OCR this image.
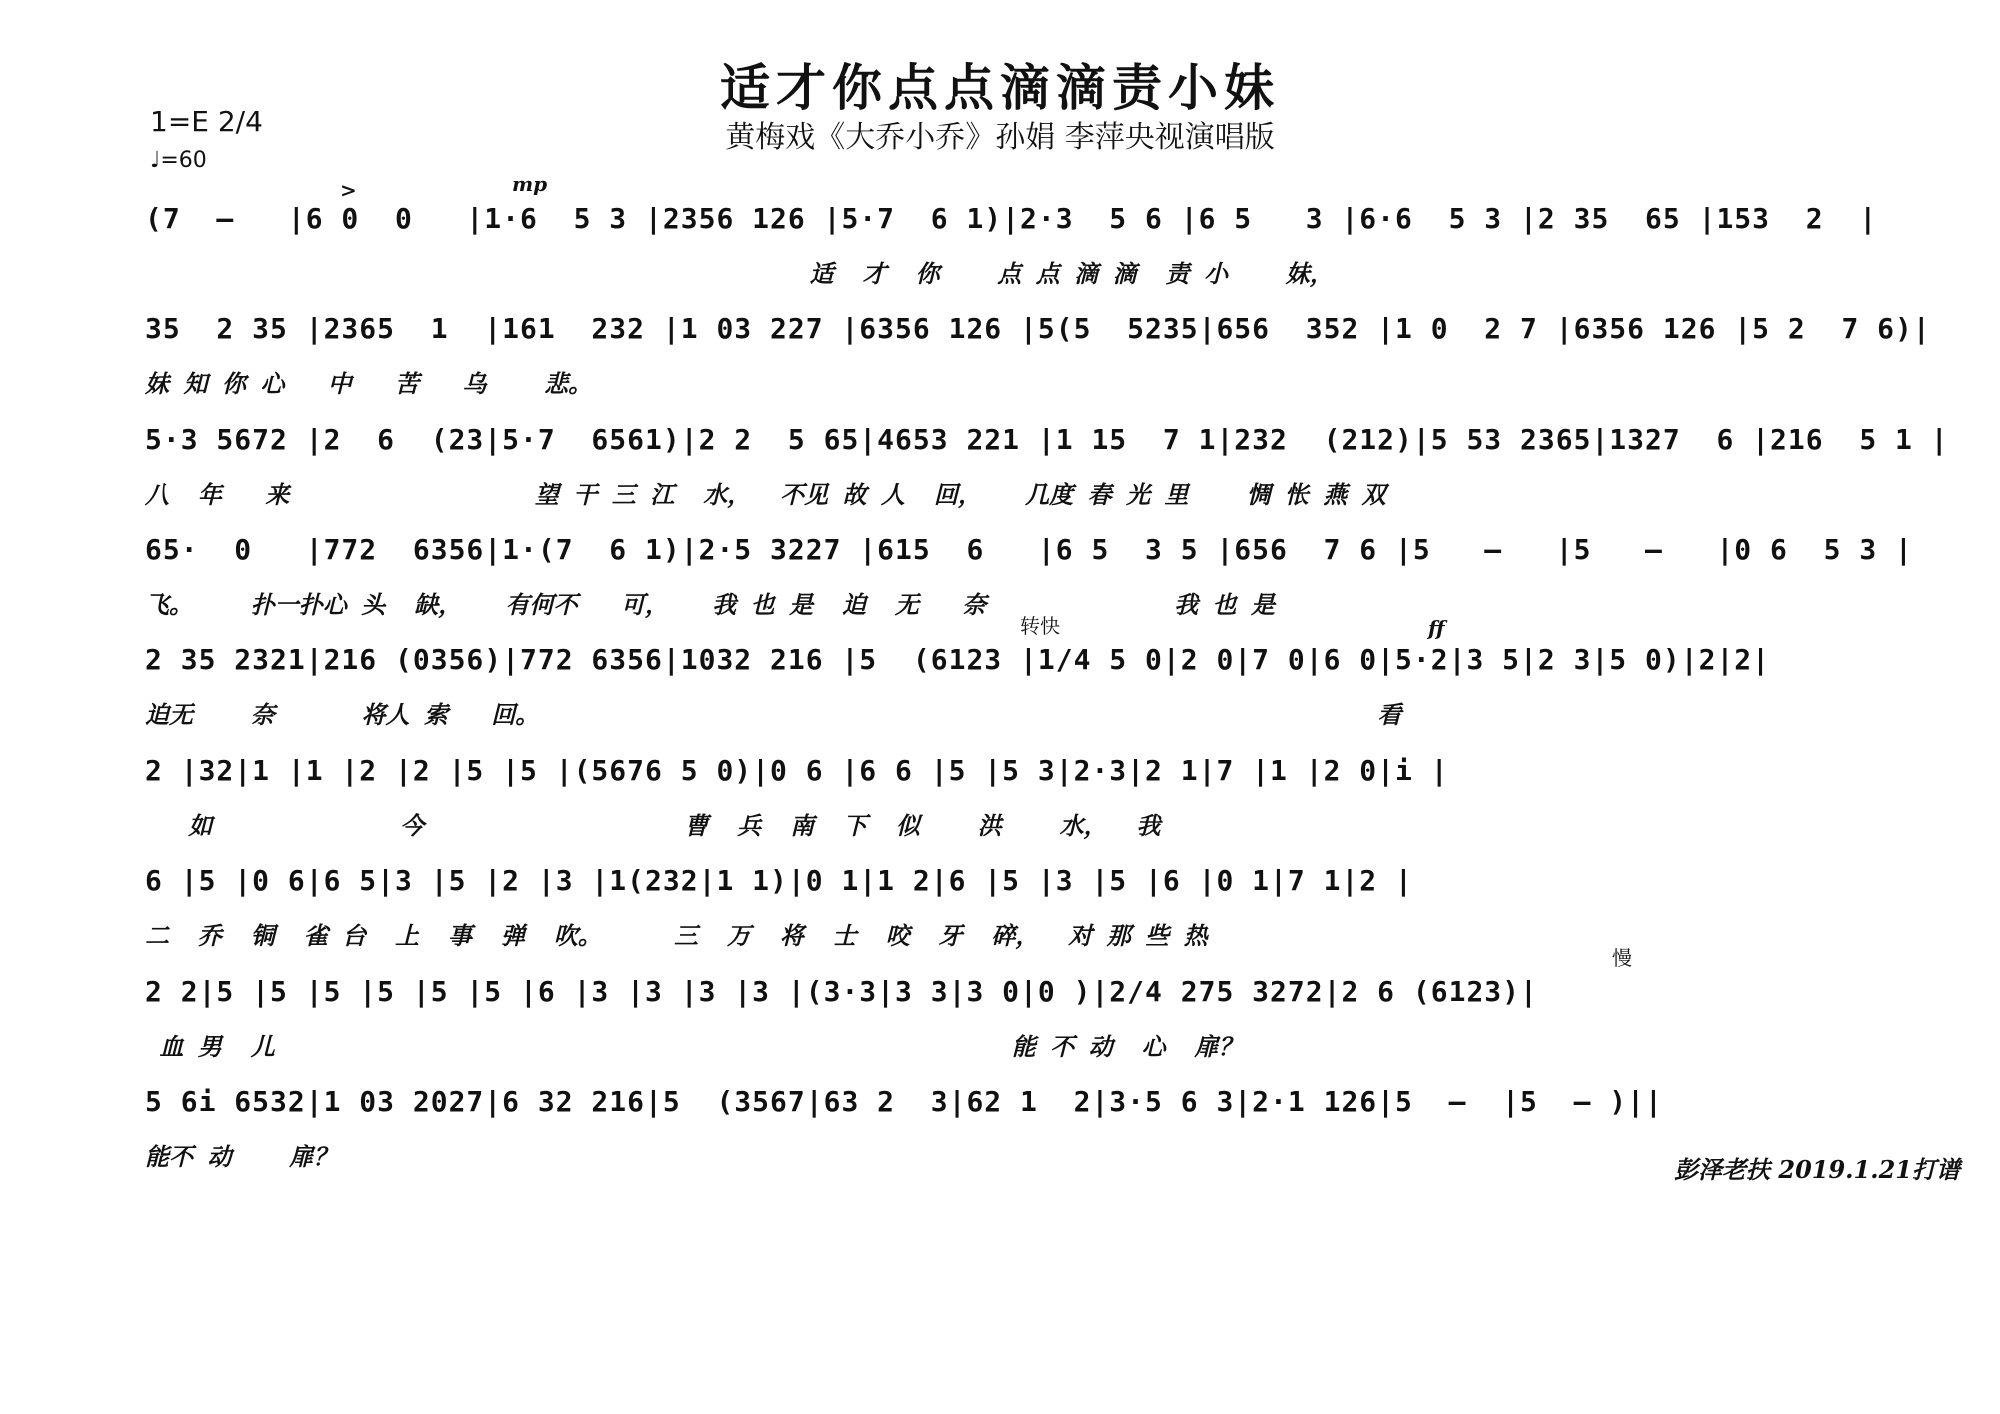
适才你点点滴滴责小妹
黄梅戏《大乔小乔》孙娟 李萍央视演唱版
1=E 2/4
♩=60
mp
>
转快	ff
慢
(7  –   |6 0  0   |1·6  5 3 |2356 126 |5·7  6 1)|2·3  5 6 |6 5   3 |6·6  5 3 |2 35  65 |153  2  |
适  才  你    点 点 滴 滴  责 小    妹，
35  2 35 |2365  1  |161  232 |1 03 227 |6356 126 |5(5  5235|656  352 |1 0  2 7 |6356 126 |5 2  7 6)|
妹 知 你 心   中   苦   乌    悲。
5·3 5672 |2  6  (23|5·7  6561)|2 2  5 65|4653 221 |1 15  7 1|232  (212)|5 53 2365|1327  6 |216  5 1 |
八  年   来                 望 干 三 江  水，  不见 故 人  回，   几度 春 光 里    惆 怅 燕 双
65·  0   |772  6356|1·(7  6 1)|2·5 3227 |615  6   |6 5  3 5 |656  7 6 |5   –   |5   –   |0 6  5 3 |
飞。    扑一扑心 头  缺，   有何不   可，   我 也 是  迫  无   奈             我 也 是
2 35 2321|216 (0356)|772 6356|1032 216 |5  (6123 |1/4 5 0|2 0|7 0|6 0|5·2|3 5|2 3|5 0)|2|2|
迫无    奈      将人 索   回。                                                          看
2 |32|1 |1 |2 |2 |5 |5 |(5676 5 0)|0 6 |6 6 |5 |5 3|2·3|2 1|7 |1 |2 0|i |
如             今                  曹  兵  南  下  似    洪    水，  我
6 |5 |0 6|6 5|3 |5 |2 |3 |1(232|1 1)|0 1|1 2|6 |5 |3 |5 |6 |0 1|7 1|2 |
二  乔  铜  雀 台  上  事  弹  吹。     三  万  将  士  咬  牙  碎，  对 那 些 热
2 2|5 |5 |5 |5 |5 |5 |6 |3 |3 |3 |3 |(3·3|3 3|3 0|0 )|2/4 275 3272|2 6 (6123)|
血 男  儿                                                   能 不 动  心  扉？
5 6i 6532|1 03 2027|6 32 216|5  (3567|63 2  3|62 1  2|3·5 6 3|2·1 126|5  –  |5  – )||
能不 动    扉？	彭泽老扶 2019.1.21打谱
